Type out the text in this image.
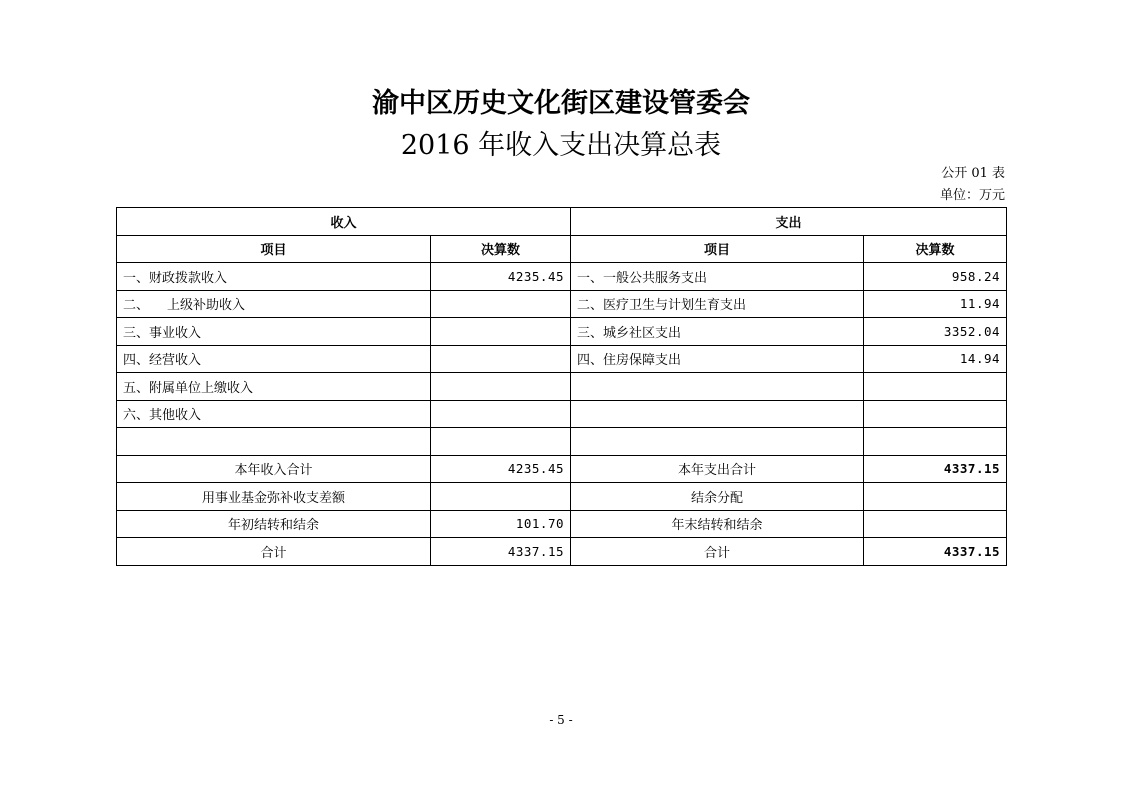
渝中区历史文化街区建设管委会
2016 年收入支出决算总表
公开 01 表
单位：万元
收入		支出	
项目	决算数	项目	决算数
一、财政拨款收入	4235.45	一、一般公共服务支出	958.24
二、 上级补助收入		二、医疗卫生与计划生育支出	11.94
三、事业收入		三、城乡社区支出	3352.04
四、经营收入		四、住房保障支出	14.94
五、附属单位上缴收入			
六、其他收入			

本年收入合计	4235.45	本年支出合计	4337.15
用事业基金弥补收支差额		结余分配	
年初结转和结余	101.70	年末结转和结余	
合计	4337.15	合计	4337.15
- 5 -
